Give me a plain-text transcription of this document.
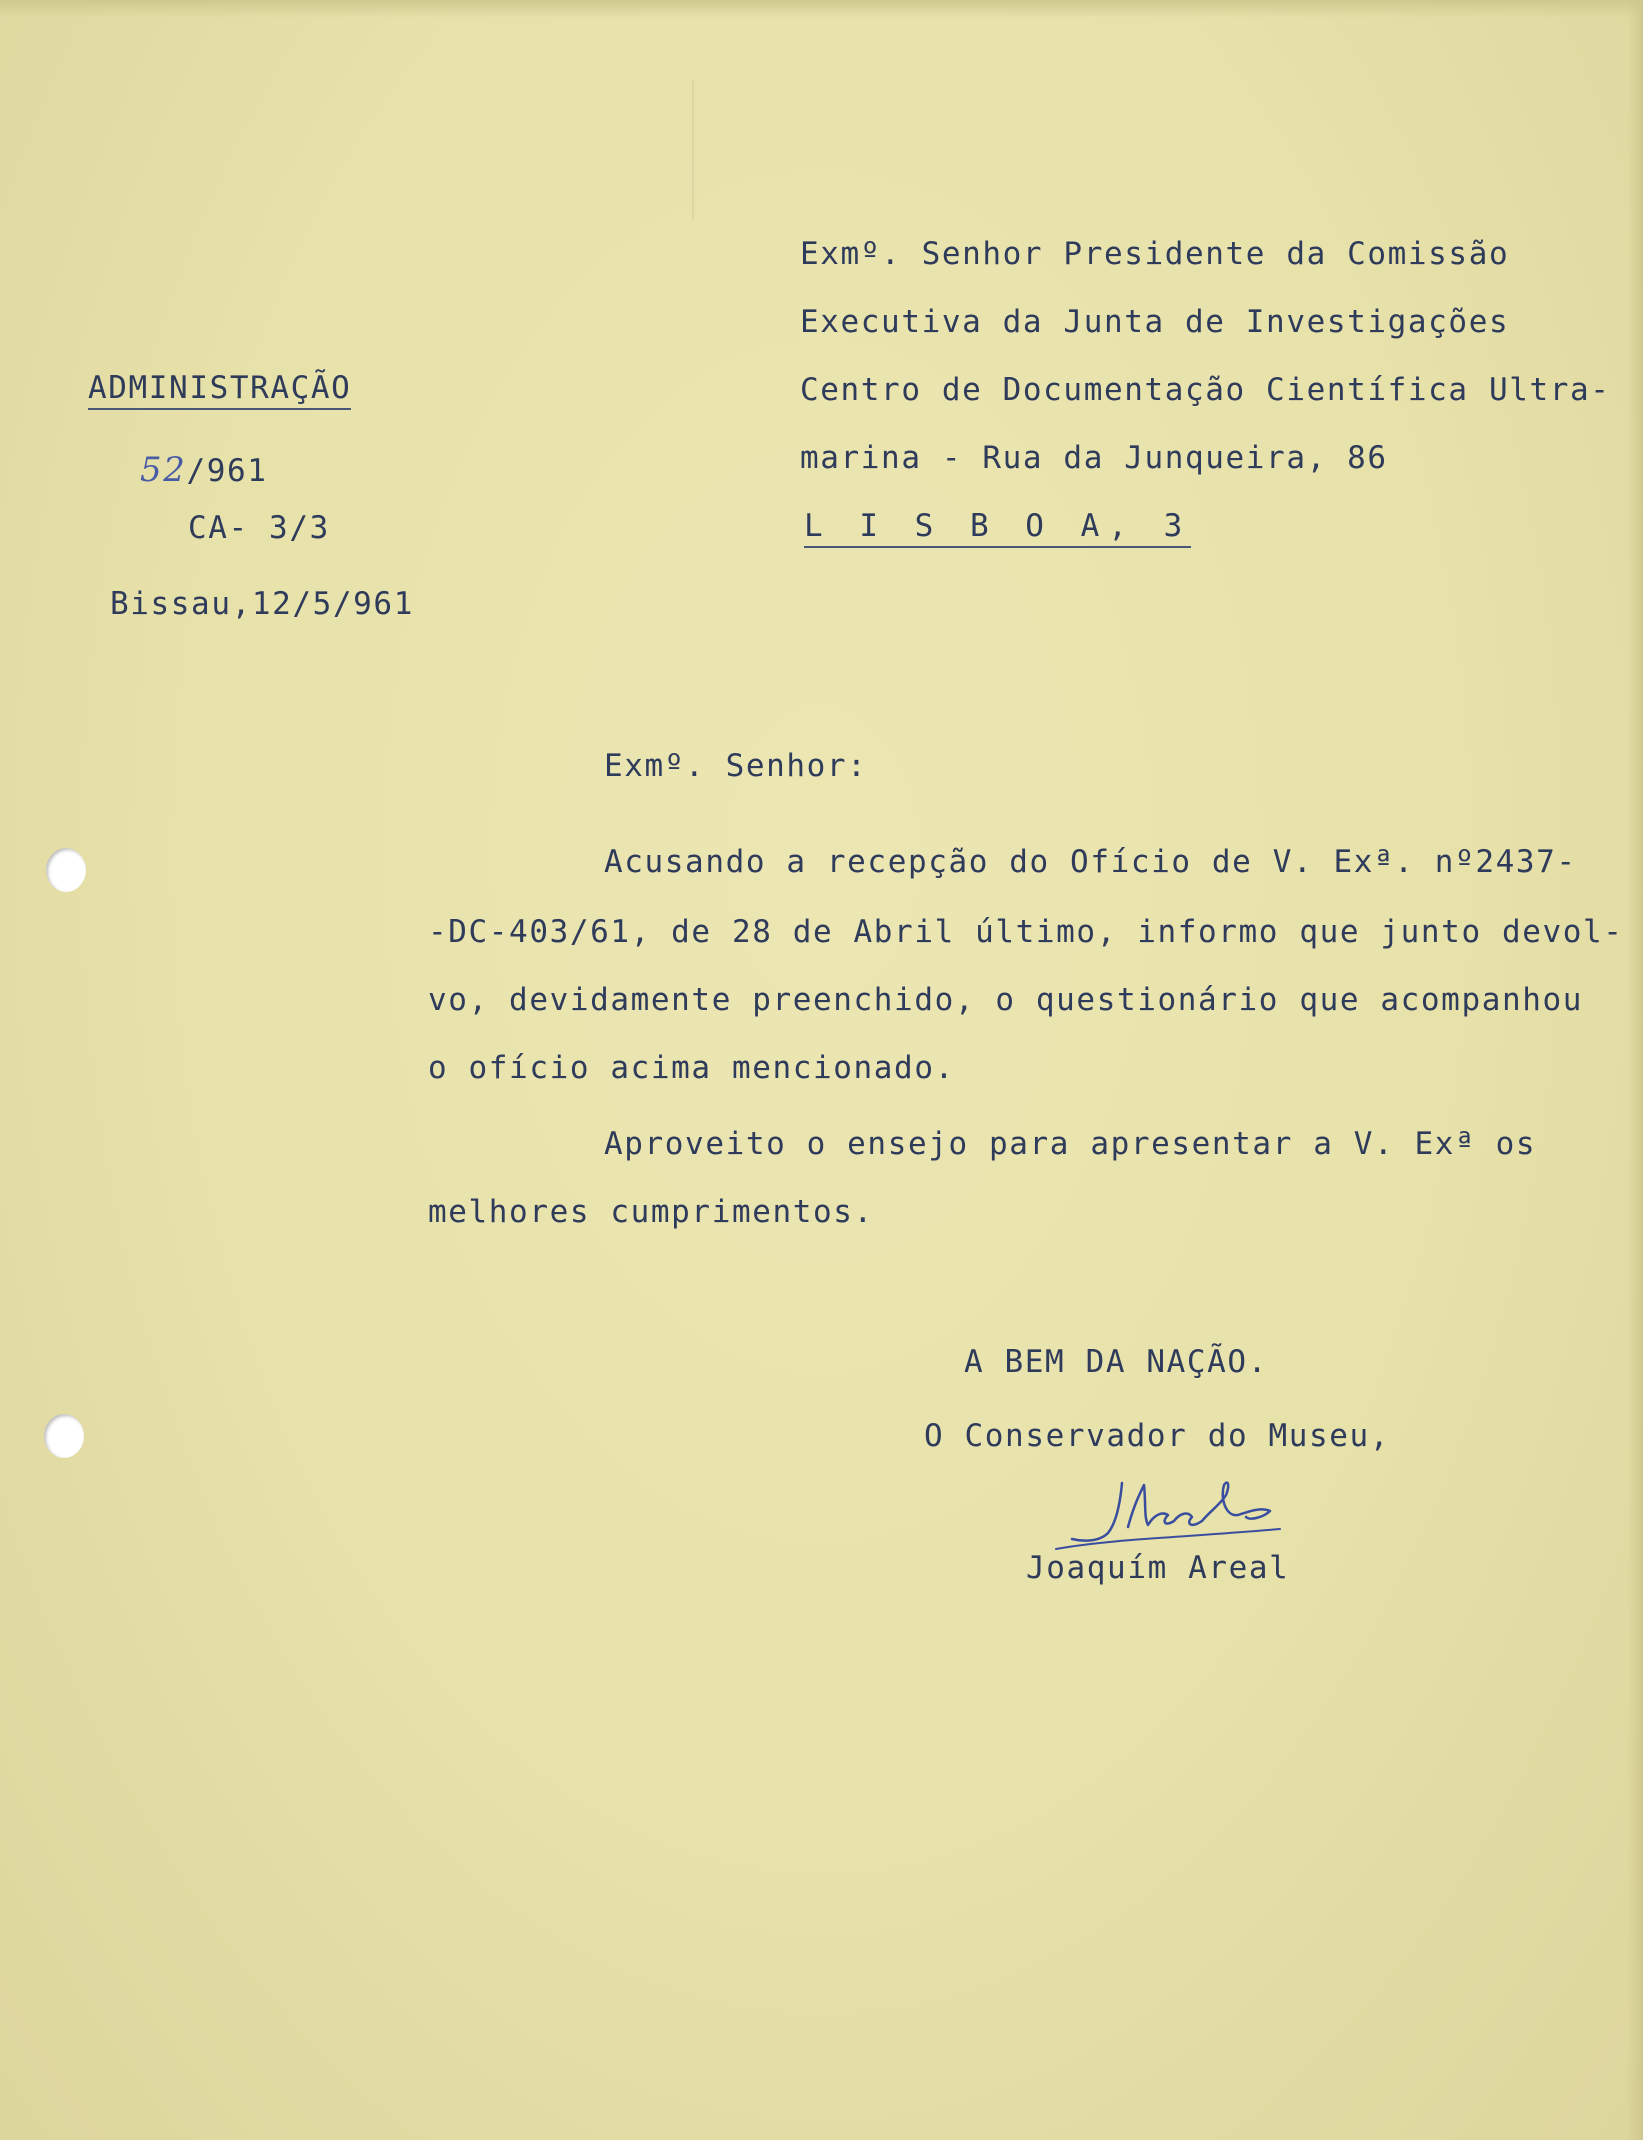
ADMINISTRAÇÃO
52/961
CA- 3/3
Bissau,12/5/961
Exmº. Senhor Presidente da Comissão
Executiva da Junta de Investigações
Centro de Documentação Científica Ultra-
marina - Rua da Junqueira, 86
L I S B O A, 3
Exmº. Senhor:
Acusando a recepção do Ofício de V. Exª. nº2437-
-DC-403/61, de 28 de Abril último, informo que junto devol-
vo, devidamente preenchido, o questionário que acompanhou
o ofício acima mencionado.
Aproveito o ensejo para apresentar a V. Exª os
melhores cumprimentos.
A BEM DA NAÇÃO.
O Conservador do Museu,
Joaquím Areal
